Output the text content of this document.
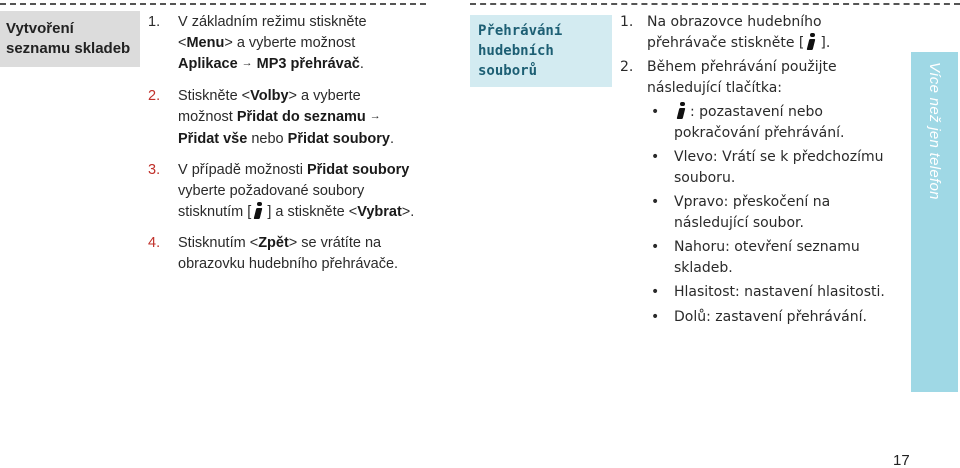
Vytvoření
seznamu skladeb
1. V základním režimu stiskněte
<Menu> a vyberte možnost
Aplikace → MP3 přehrávač.
2. Stiskněte <Volby> a vyberte
možnost Přidat do seznamu →
Přidat vše nebo Přidat soubory.
3. V případě možnosti Přidat soubory
vyberte požadované soubory
stisknutím [ ] a stiskněte <Vybrat>.
4. Stisknutím <Zpět> se vrátíte na
obrazovku hudebního přehrávače.
Přehrávání
hudebních
souborů
1. Na obrazovce hudebního
přehrávače stiskněte [ ].
2. Během přehrávání použijte
následující tlačítka:
•	: pozastavení nebo
pokračování přehrávání.
• Vlevo: Vrátí se k předchozímu
souboru.
• Vpravo: přeskočení na
následující soubor.
• Nahoru: otevření seznamu
skladeb.
• Hlasitost: nastavení hlasitosti.
• Dolů: zastavení přehrávání.
Více než jen telefon
17
